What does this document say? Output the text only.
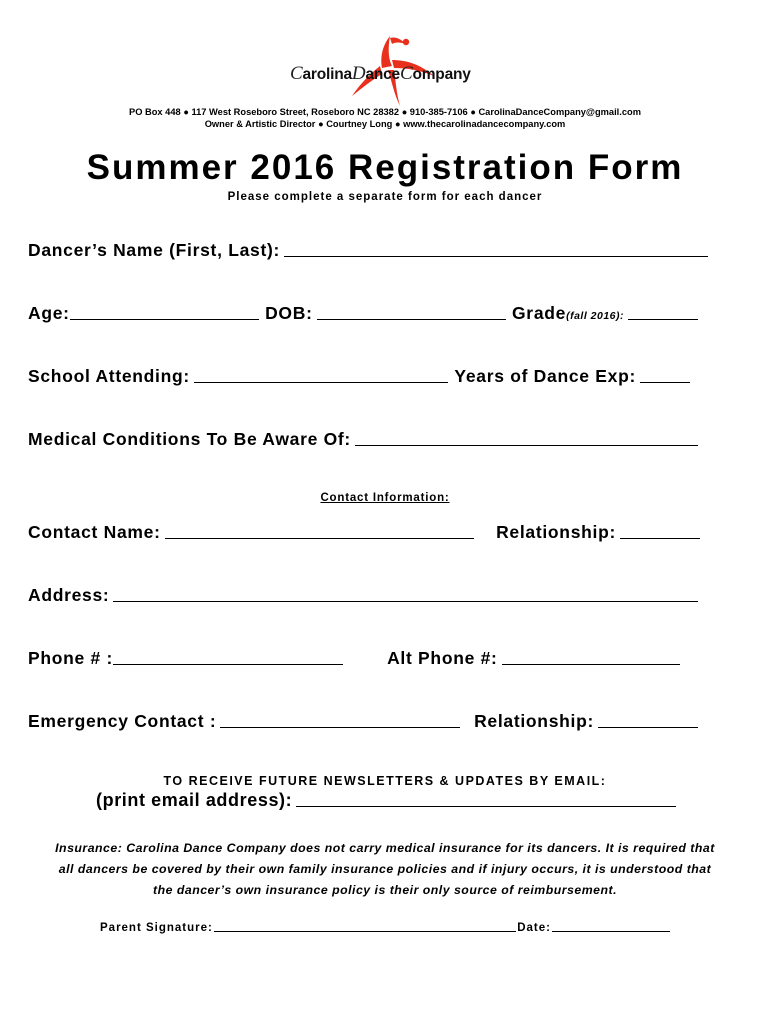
CarolinaDanceCompany
PO Box 448 ● 117 West Roseboro Street, Roseboro NC 28382 ● 910-385-7106 ● CarolinaDanceCompany@gmail.com
Owner & Artistic Director ● Courtney Long ● www.thecarolinadancecompany.com
Summer 2016 Registration Form
Please complete a separate form for each dancer
Dancer’s Name (First, Last):
Age:	DOB:	Grade (fall 2016):
School Attending:	Years of Dance Exp:
Medical Conditions To Be Aware Of:
Contact Information:
Contact Name:	Relationship:
Address:
Phone # :	Alt Phone #:
Emergency Contact :	Relationship:
TO RECEIVE FUTURE NEWSLETTERS & UPDATES BY EMAIL:
(print email address):
Insurance: Carolina Dance Company does not carry medical insurance for its dancers. It is required that all dancers be covered by their own family insurance policies and if injury occurs, it is understood that the dancer’s own insurance policy is their only source of reimbursement.
Parent Signature:	Date:
